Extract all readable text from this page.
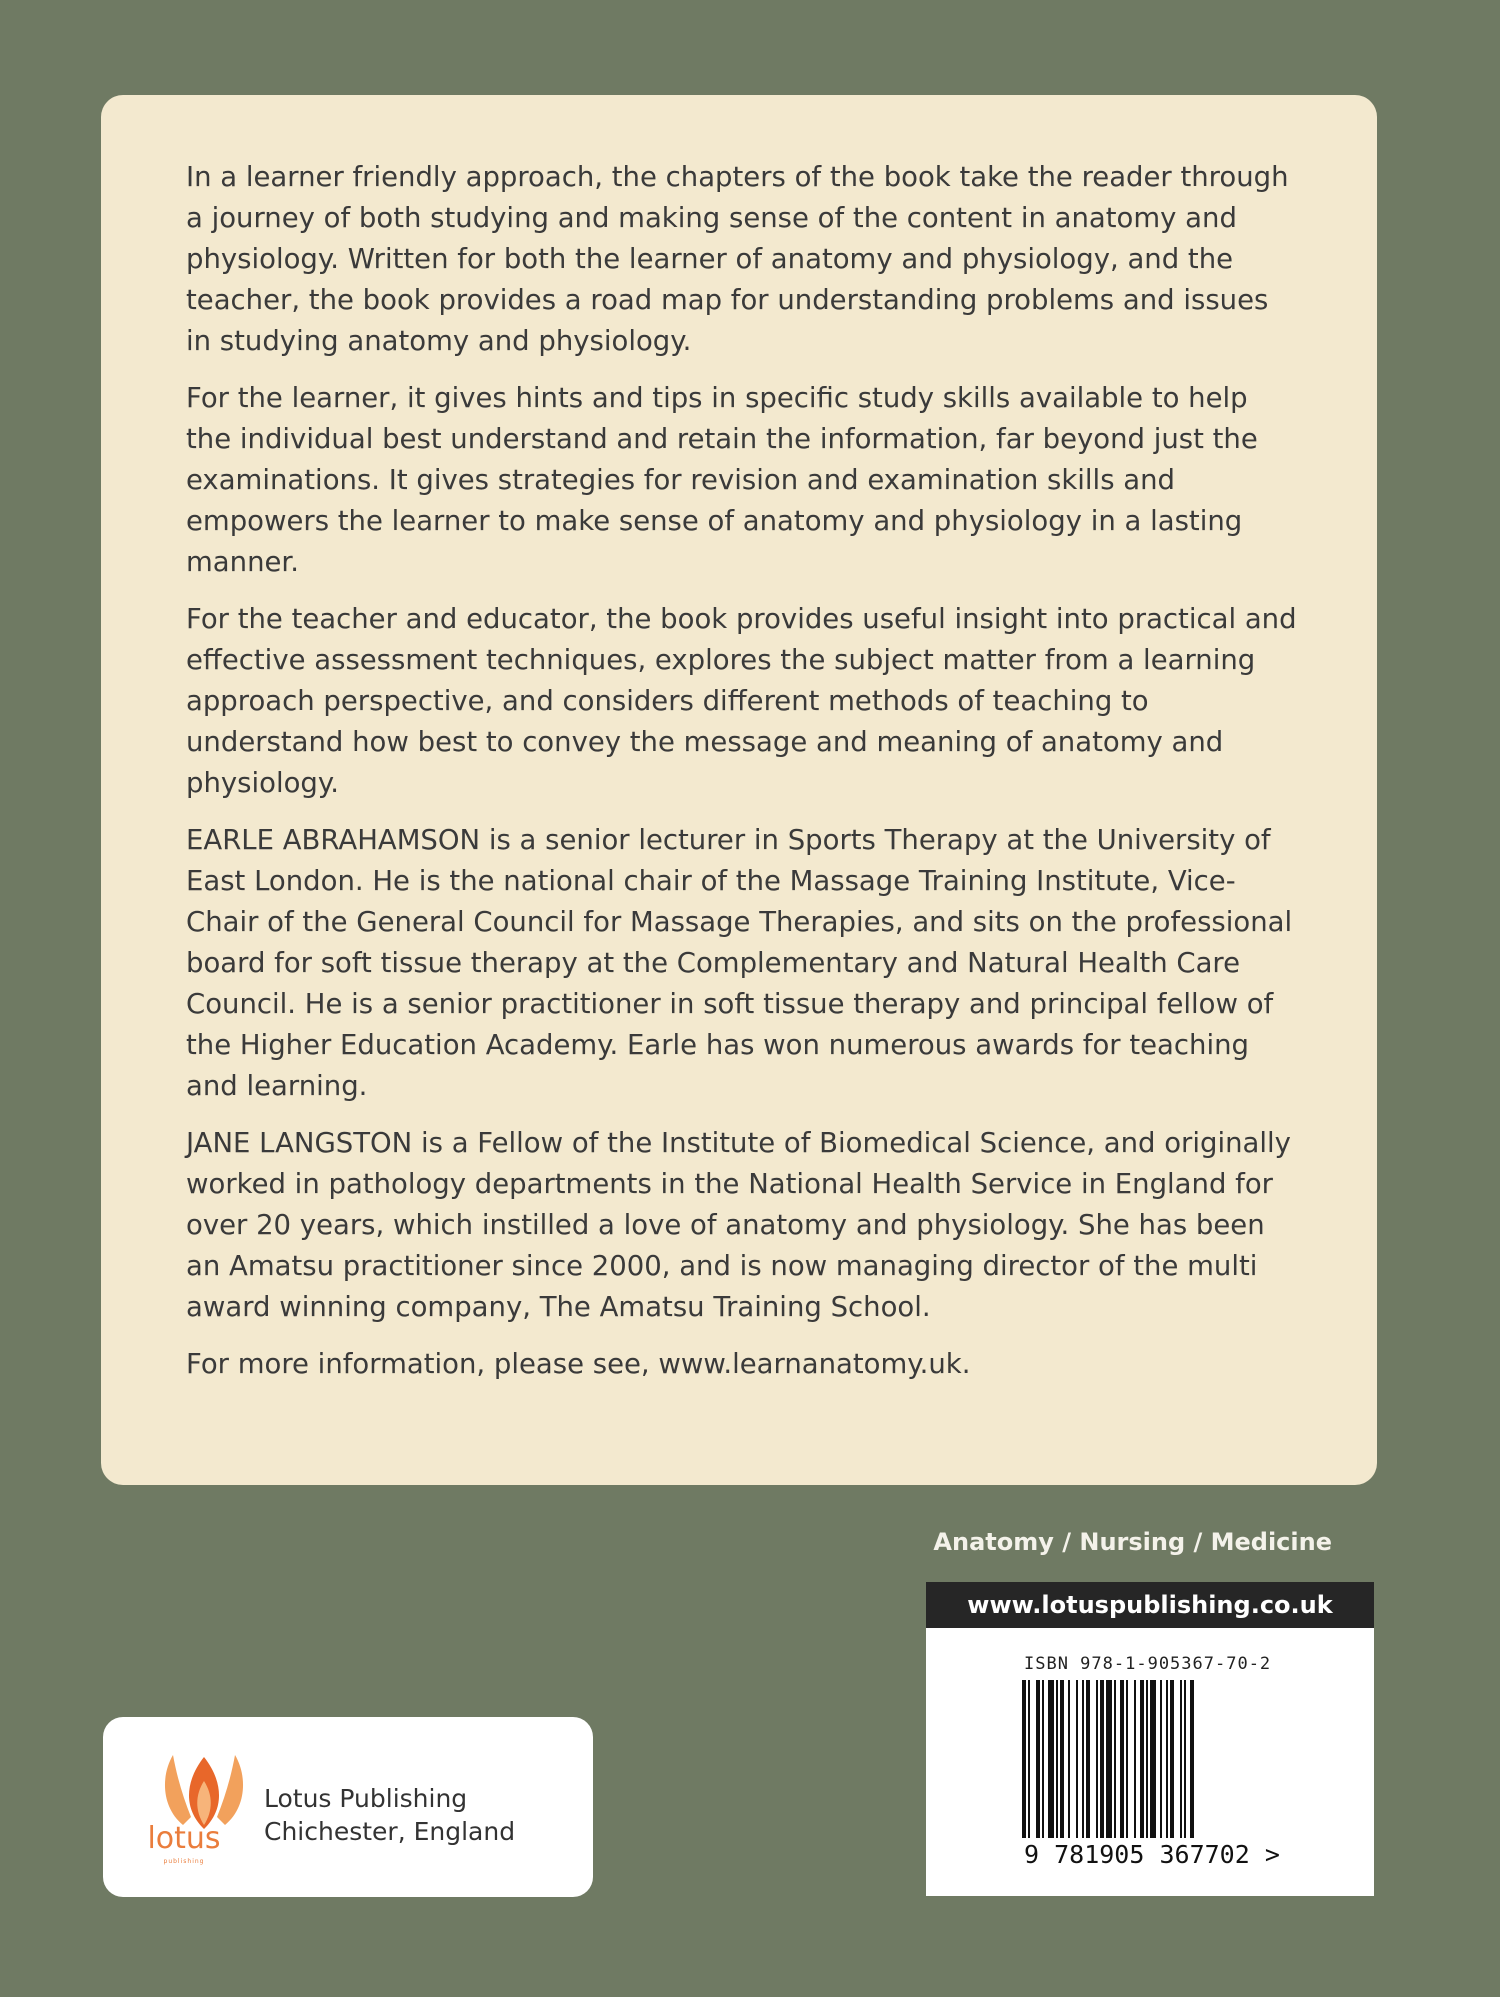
In a learner friendly approach, the chapters of the book take the reader through a journey of both studying and making sense of the content in anatomy and physiology. Written for both the learner of anatomy and physiology, and the teacher, the book provides a road map for understanding problems and issues in studying anatomy and physiology.

For the learner, it gives hints and tips in specific study skills available to help the individual best understand and retain the information, far beyond just the examinations. It gives strategies for revision and examination skills and empowers the learner to make sense of anatomy and physiology in a lasting manner.

For the teacher and educator, the book provides useful insight into practical and effective assessment techniques, explores the subject matter from a learning approach perspective, and considers different methods of teaching to understand how best to convey the message and meaning of anatomy and physiology.

EARLE ABRAHAMSON is a senior lecturer in Sports Therapy at the University of East London. He is the national chair of the Massage Training Institute, Vice-Chair of the General Council for Massage Therapies, and sits on the professional board for soft tissue therapy at the Complementary and Natural Health Care Council. He is a senior practitioner in soft tissue therapy and principal fellow of the Higher Education Academy. Earle has won numerous awards for teaching and learning.

JANE LANGSTON is a Fellow of the Institute of Biomedical Science, and originally worked in pathology departments in the National Health Service in England for over 20 years, which instilled a love of anatomy and physiology. She has been an Amatsu practitioner since 2000, and is now managing director of the multi award winning company, The Amatsu Training School.

For more information, please see, www.learnanatomy.uk.

Anatomy / Nursing / Medicine
www.lotuspublishing.co.uk
ISBN 978-1-905367-70-2
9 781905 367702 >
lotus
publishing
Lotus Publishing
Chichester, England
